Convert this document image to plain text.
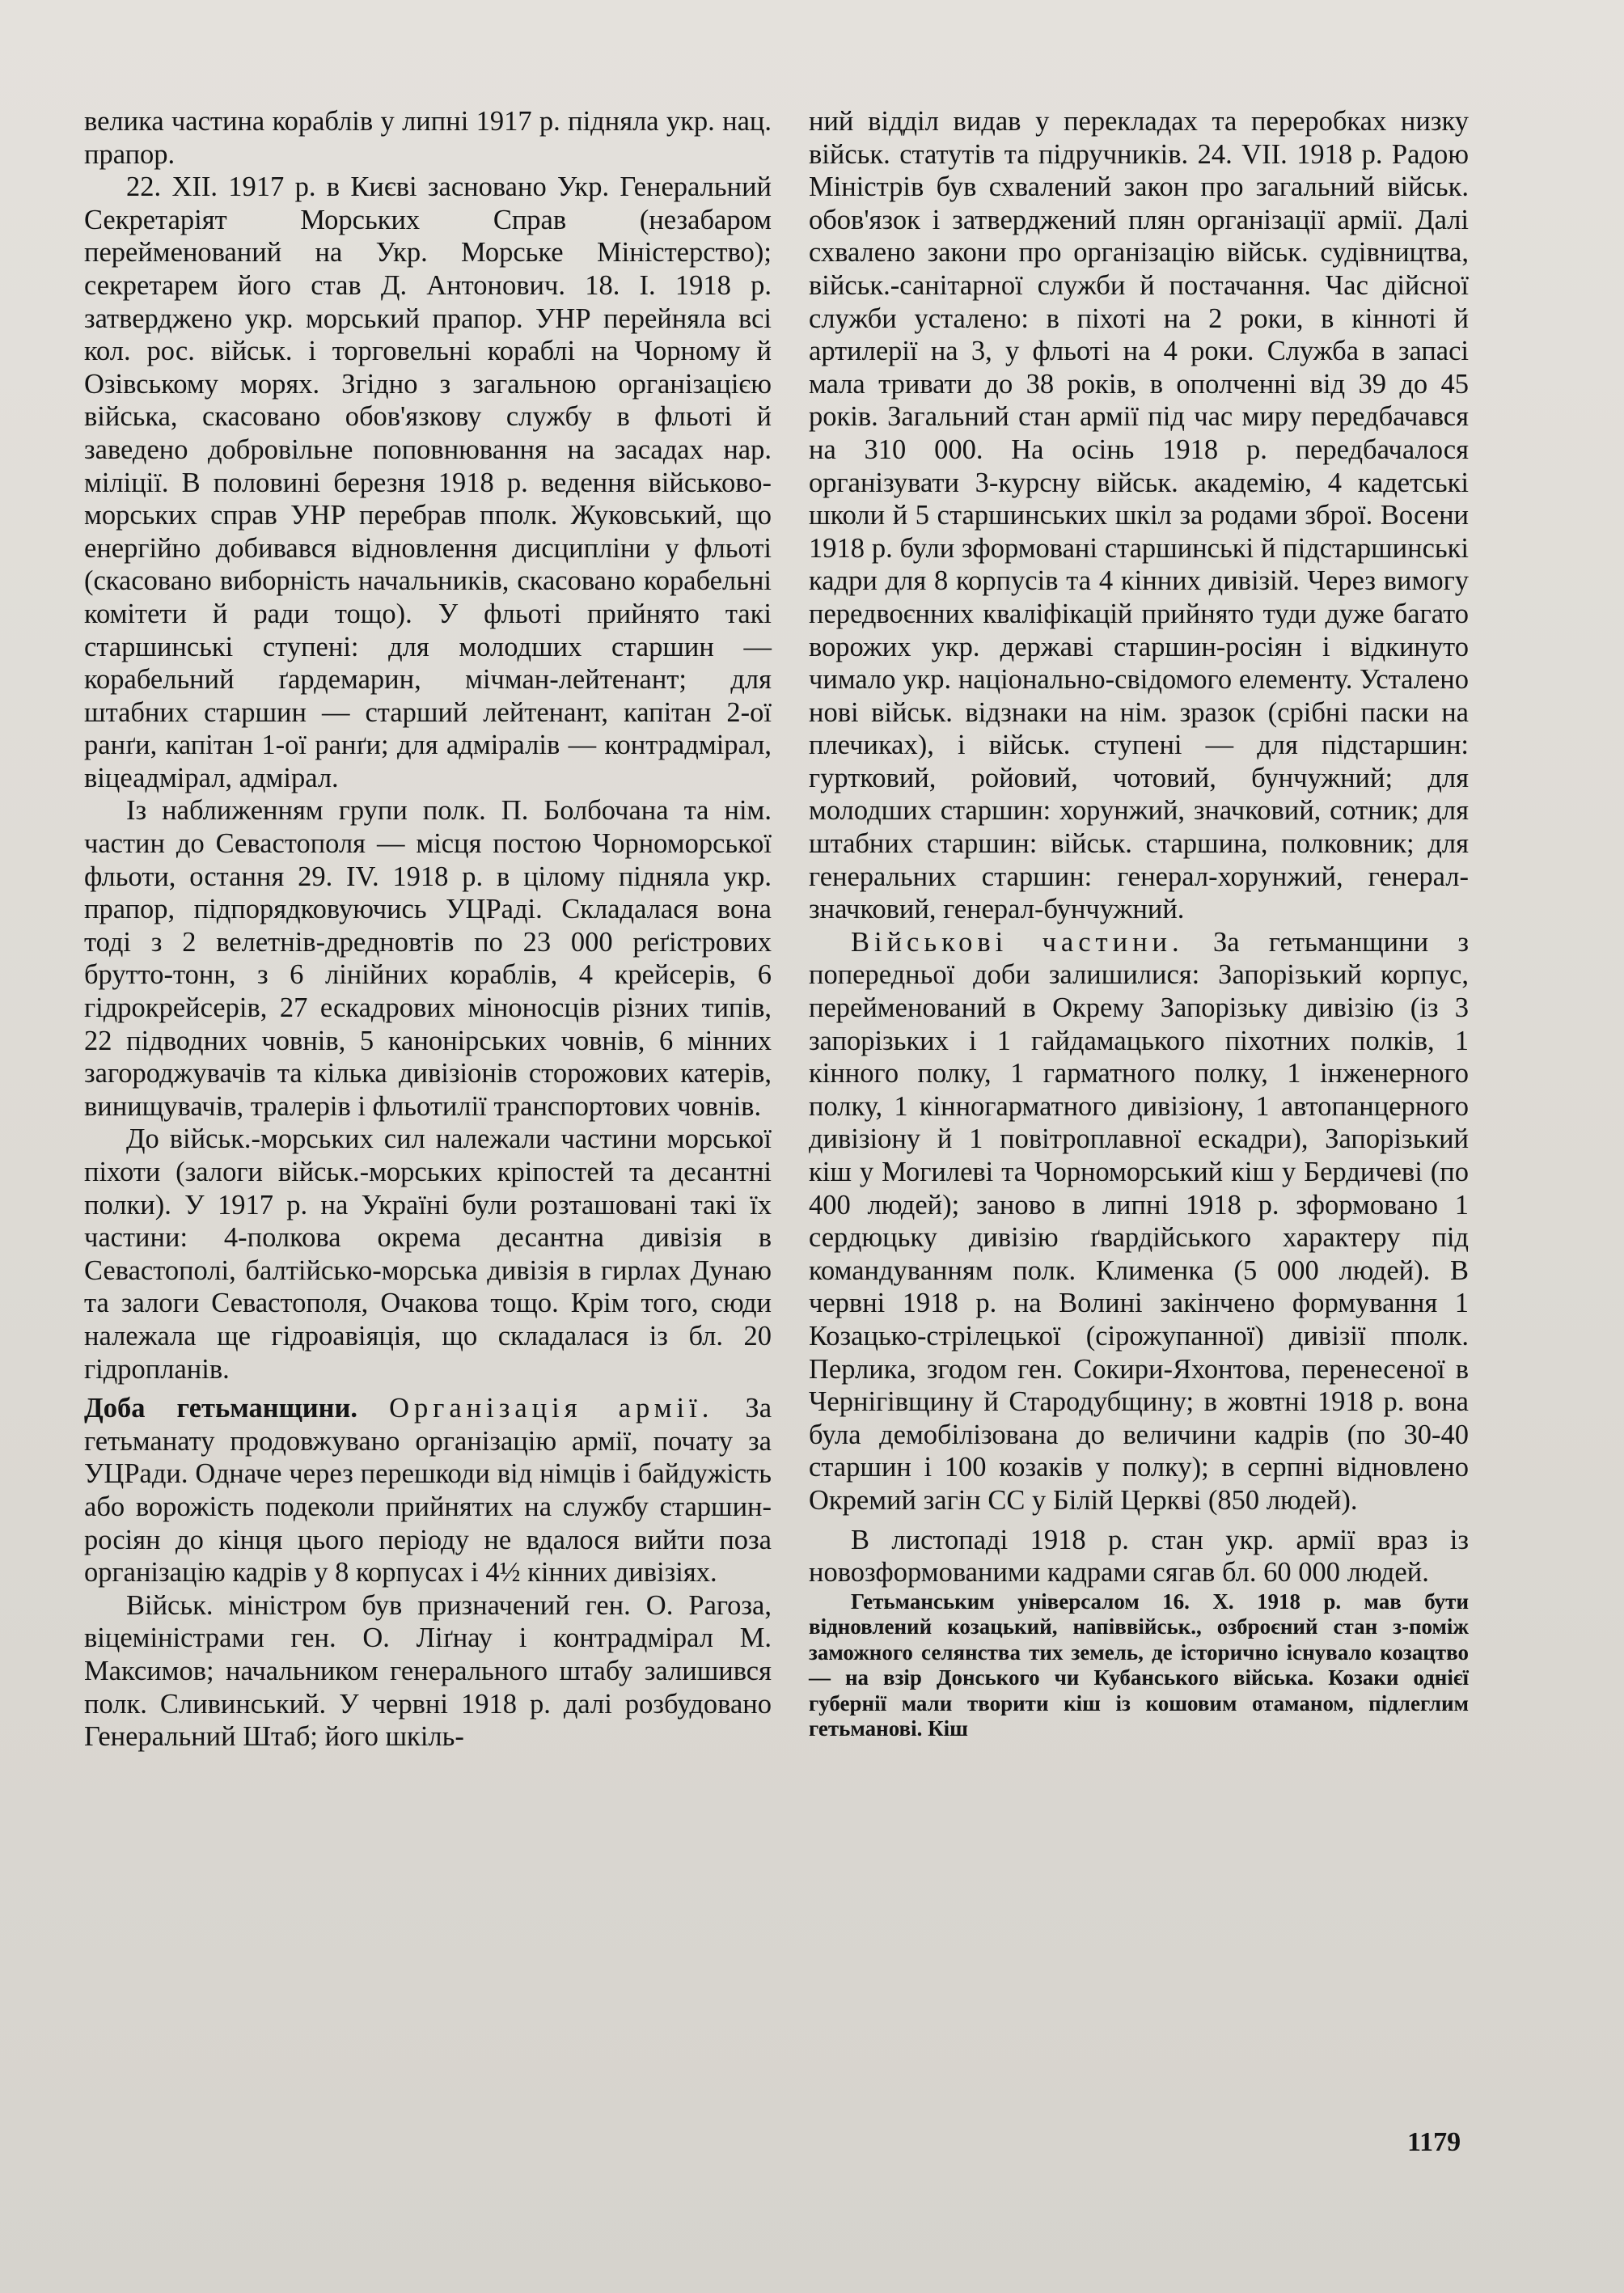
велика частина кораблів у липні 1917 р. підняла укр. нац. прапор.

22. XII. 1917 р. в Києві засновано Укр. Генеральний Секретаріят Морських Справ (незабаром перейменований на Укр. Морське Міністерство); секретарем його став Д. Антонович. 18. I. 1918 р. затверджено укр. морський прапор. УНР перейняла всі кол. рос. військ. і торговельні кораблі на Чорному й Озівському морях. Згідно з загальною організацією війська, скасовано обов'язкову службу в фльоті й заведено добровільне поповнювання на засадах нар. міліції. В половині березня 1918 р. ведення військово-морських справ УНР перебрав пполк. Жуковський, що енергійно добивався відновлення дисципліни у фльоті (скасовано виборність начальників, скасовано корабельні комітети й ради тощо). У фльоті прийнято такі старшинські ступені: для молодших старшин — корабельний ґардемарин, мічман-лейтенант; для штабних старшин — старший лейтенант, капітан 2-ої ранґи, капітан 1-ої ранґи; для адміралів — контрадмірал, віцеадмірал, адмірал.

Із наближенням групи полк. П. Болбочана та нім. частин до Севастополя — місця постою Чорноморської фльоти, остання 29. IV. 1918 р. в цілому підняла укр. прапор, підпорядковуючись УЦРаді. Складалася вона тоді з 2 велетнів-дредновтів по 23 000 реґістрових брутто-тонн, з 6 лінійних кораблів, 4 крейсерів, 6 гідрокрейсерів, 27 ескадрових міноносців різних типів, 22 підводних човнів, 5 канонірських човнів, 6 мінних загороджувачів та кілька дивізіонів сторожових катерів, винищувачів, тралерів і фльотилії транспортових човнів.

До військ.-морських сил належали частини морської піхоти (залоги військ.-морських кріпостей та десантні полки). У 1917 р. на Україні були розташовані такі їх частини: 4-полкова окрема десантна дивізія в Севастополі, балтійсько-морська дивізія в гирлах Дунаю та залоги Севастополя, Очакова тощо. Крім того, сюди належала ще гідроавіяція, що складалася із бл. 20 гідропланів.

Доба гетьманщини. Організація армії. За гетьманату продовжувано організацію армії, почату за УЦРади. Одначе через перешкоди від німців і байдужість або ворожість подеколи прийнятих на службу старшин-росіян до кінця цього періоду не вдалося вийти поза організацію кадрів у 8 корпусах і 4½ кінних дивізіях.

Військ. міністром був призначений ген. О. Рагоза, віцеміністрами ген. О. Ліґнау і контрадмірал М. Максимов; начальником генерального штабу залишився полк. Сливинський. У червні 1918 р. далі розбудовано Генеральний Штаб; його шкіль-

ний відділ видав у перекладах та переробках низку військ. статутів та підручників. 24. VII. 1918 р. Радою Міністрів був схвалений закон про загальний військ. обов'язок і затверджений плян організації армії. Далі схвалено закони про організацію військ. судівництва, військ.-санітарної служби й постачання. Час дійсної служби усталено: в піхоті на 2 роки, в кінноті й артилерії на 3, у фльоті на 4 роки. Служба в запасі мала тривати до 38 років, в ополченні від 39 до 45 років. Загальний стан армії під час миру передбачався на 310 000. На осінь 1918 р. передбачалося організувати 3-курсну військ. академію, 4 кадетські школи й 5 старшинських шкіл за родами зброї. Восени 1918 р. були зформовані старшинські й підстаршинські кадри для 8 корпусів та 4 кінних дивізій. Через вимогу передвоєнних кваліфікацій прийнято туди дуже багато ворожих укр. державі старшин-росіян і відкинуто чимало укр. національно-свідомого елементу. Усталено нові військ. відзнаки на нім. зразок (срібні паски на плечиках), і військ. ступені — для підстаршин: гуртковий, ройовий, чотовий, бунчужний; для молодших старшин: хорунжий, значковий, сотник; для штабних старшин: військ. старшина, полковник; для генеральних старшин: генерал-хорунжий, генерал-значковий, генерал-бунчужний.

Військові частини. За гетьманщини з попередньої доби залишилися: Запорізький корпус, перейменований в Окрему Запорізьку дивізію (із 3 запорізьких і 1 гайдамацького піхотних полків, 1 кінного полку, 1 гарматного полку, 1 інженерного полку, 1 кінногарматного дивізіону, 1 автопанцерного дивізіону й 1 повітроплавної ескадри), Запорізький кіш у Могилеві та Чорноморський кіш у Бердичеві (по 400 людей); заново в липні 1918 р. зформовано 1 сердюцьку дивізію ґвардійського характеру під командуванням полк. Клименка (5 000 людей). В червні 1918 р. на Волині закінчено формування 1 Козацько-стрілецької (сірожупанної) дивізії пполк. Перлика, згодом ген. Сокири-Яхонтова, перенесеної в Чернігівщину й Стародубщину; в жовтні 1918 р. вона була демобілізована до величини кадрів (по 30-40 старшин і 100 козаків у полку); в серпні відновлено Окремий загін СС у Білій Церкві (850 людей).

В листопаді 1918 р. стан укр. армії враз із новозформованими кадрами сягав бл. 60 000 людей.

Гетьманським універсалом 16. X. 1918 р. мав бути відновлений козацький, напіввійськ., озброєний стан з-поміж заможного селянства тих земель, де історично існувало козацтво — на взір Донського чи Кубанського війська. Козаки однієї губернії мали творити кіш із кошовим отаманом, підлеглим гетьманові. Кіш

1179
